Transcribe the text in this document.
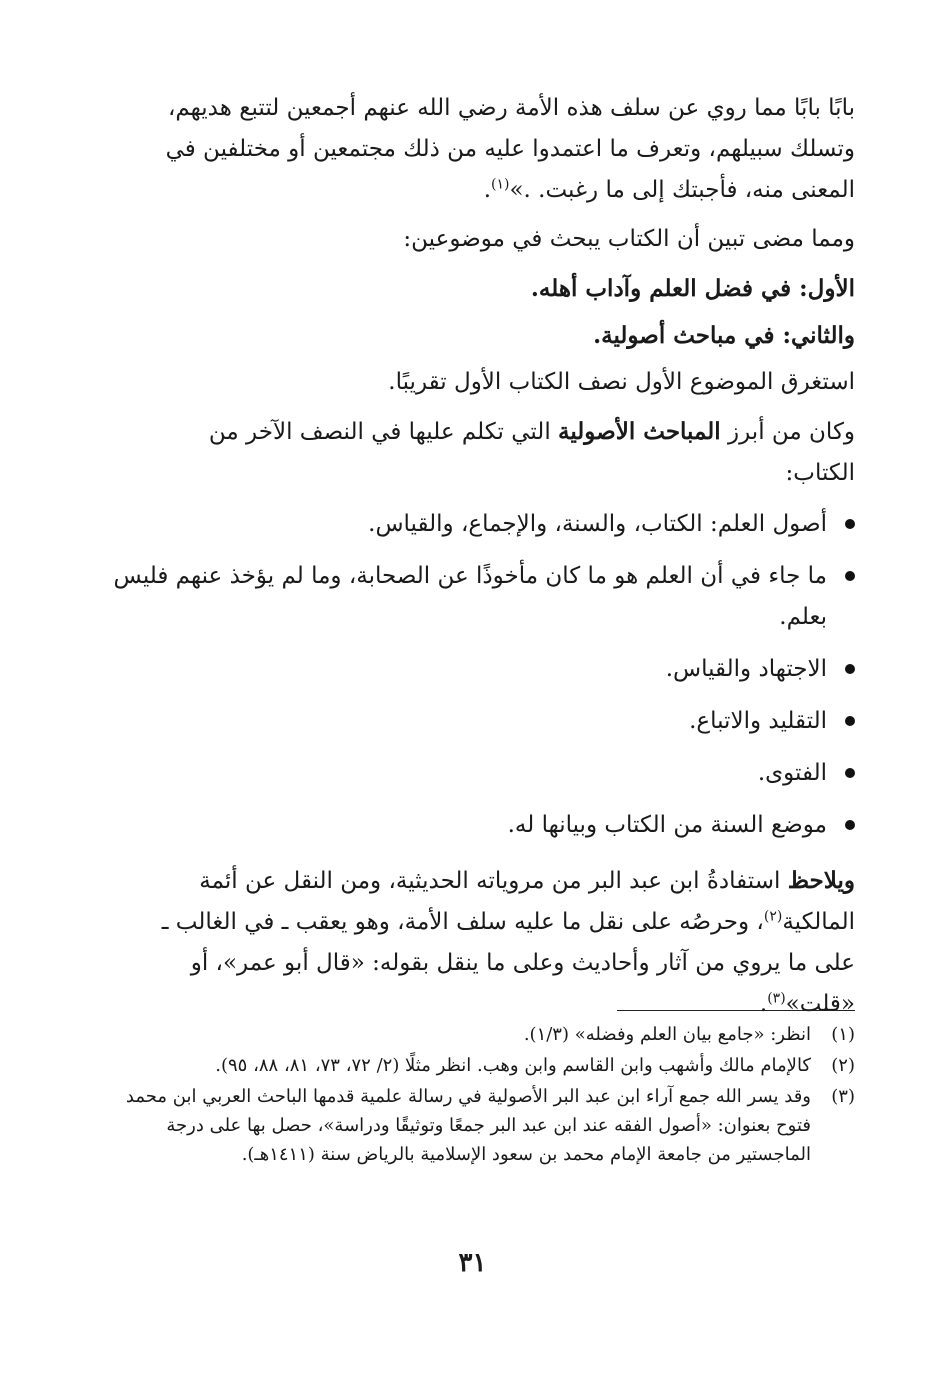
بابًا بابًا مما روي عن سلف هذه الأمة رضي الله عنهم أجمعين لتتبع هديهم،
وتسلك سبيلهم، وتعرف ما اعتمدوا عليه من ذلك مجتمعين أو مختلفين في
المعنى منه، فأجبتك إلى ما رغبت. .»$^{(١)}$.

ومما مضى تبين أن الكتاب يبحث في موضوعين:

الأول: في فضل العلم وآداب أهله.

والثاني: في مباحث أصولية.

استغرق الموضوع الأول نصف الكتاب الأول تقريبًا.

وكان من أبرز المباحث الأصولية التي تكلم عليها في النصف الآخر من
الكتاب:

أصول العلم: الكتاب، والسنة، والإجماع، والقياس.
ما جاء في أن العلم هو ما كان مأخوذًا عن الصحابة، وما لم يؤخذ عنهم فليس بعلم.
الاجتهاد والقياس.
التقليد والاتباع.
الفتوى.
موضع السنة من الكتاب وبيانها له.

ويلاحظ استفادةُ ابن عبد البر من مروياته الحديثية، ومن النقل عن أئمة
المالكية$^{(٢)}$، وحرصُه على نقل ما عليه سلف الأمة، وهو يعقب ـ في الغالب ـ
على ما يروي من آثار وأحاديث وعلى ما ينقل بقوله: «قال أبو عمر»، أو
«قلت»$^{(٣)}$.

(١)
انظر: «جامع بيان العلم وفضله» (١/٣).

(٢)
كالإمام مالك وأشهب وابن القاسم وابن وهب. انظر مثلًا (٢/ ٧٢، ٧٣، ٨١، ٨٨، ٩٥).

(٣)
وقد يسر الله جمع آراء ابن عبد البر الأصولية في رسالة علمية قدمها الباحث العربي ابن محمد فتوح بعنوان: «أصول الفقه عند ابن عبد البر جمعًا وتوثيقًا ودراسة»، حصل بها على درجة الماجستير من جامعة الإمام محمد بن سعود الإسلامية بالرياض سنة (١٤١١هـ).

٣١
